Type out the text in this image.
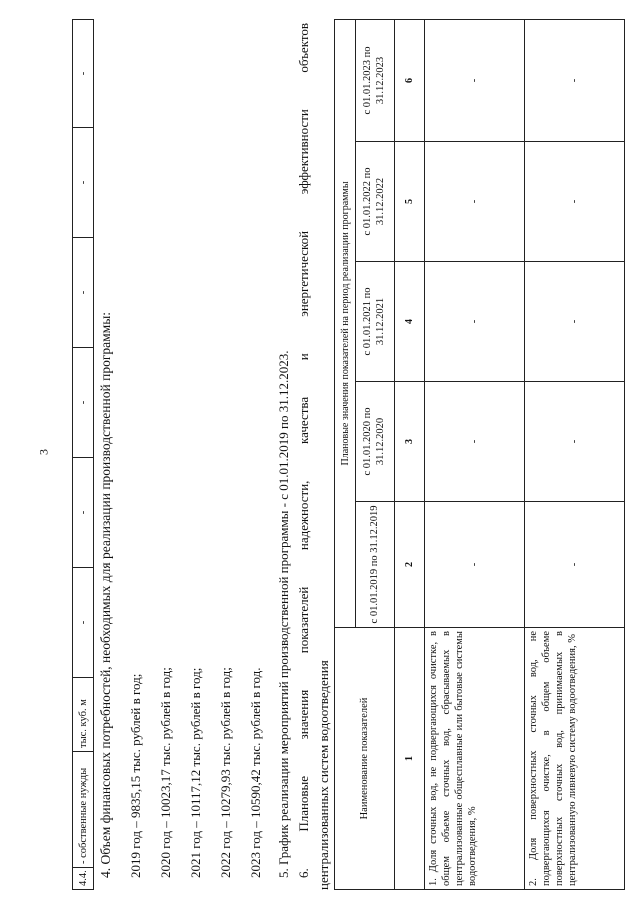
3
4.4.	- собственные нужды	тыс. куб. м	-	-	-	-	-	-
4. Объем финансовых потребностей, необходимых для реализации производственной программы: 2019 год – 9835,15 тыс. рублей в год; 2020 год – 10023,17 тыс. рублей в год; 2021 год – 10117,12 тыс. рублей в год; 2022 год – 10279,93 тыс. рублей в год; 2023 год – 10590,42 тыс. рублей в год. 5. График реализации мероприятий производственной программы - с 01.01.2019 по 31.12.2023. 6. Плановые значения показателей надежности, качества и энергетической эффективности объектов централизованных систем водоотведения	Наименование показателей	Плановые значения показателей на период реализации программы				
	с 01.01.2019 по 31.12.2019	с 01.01.2020 по 31.12.2020	с 01.01.2021 по 31.12.2021	с 01.01.2022 по 31.12.2022	с 01.01.2023 по 31.12.2023
1	2	3	4	5	6
1. Доля сточных вод, не подвергающихся очистке, в общем объеме сточных вод, сбрасываемых в централизованные общесплавные или бытовые системы водоотведения, %	-	-	-	-	-
2. Доля поверхностных сточных вод, не подвергающихся очистке, в общем объеме поверхностных сточных вод, принимаемых в централизованную ливневую систему водоотведения, %	-	-	-	-	-
